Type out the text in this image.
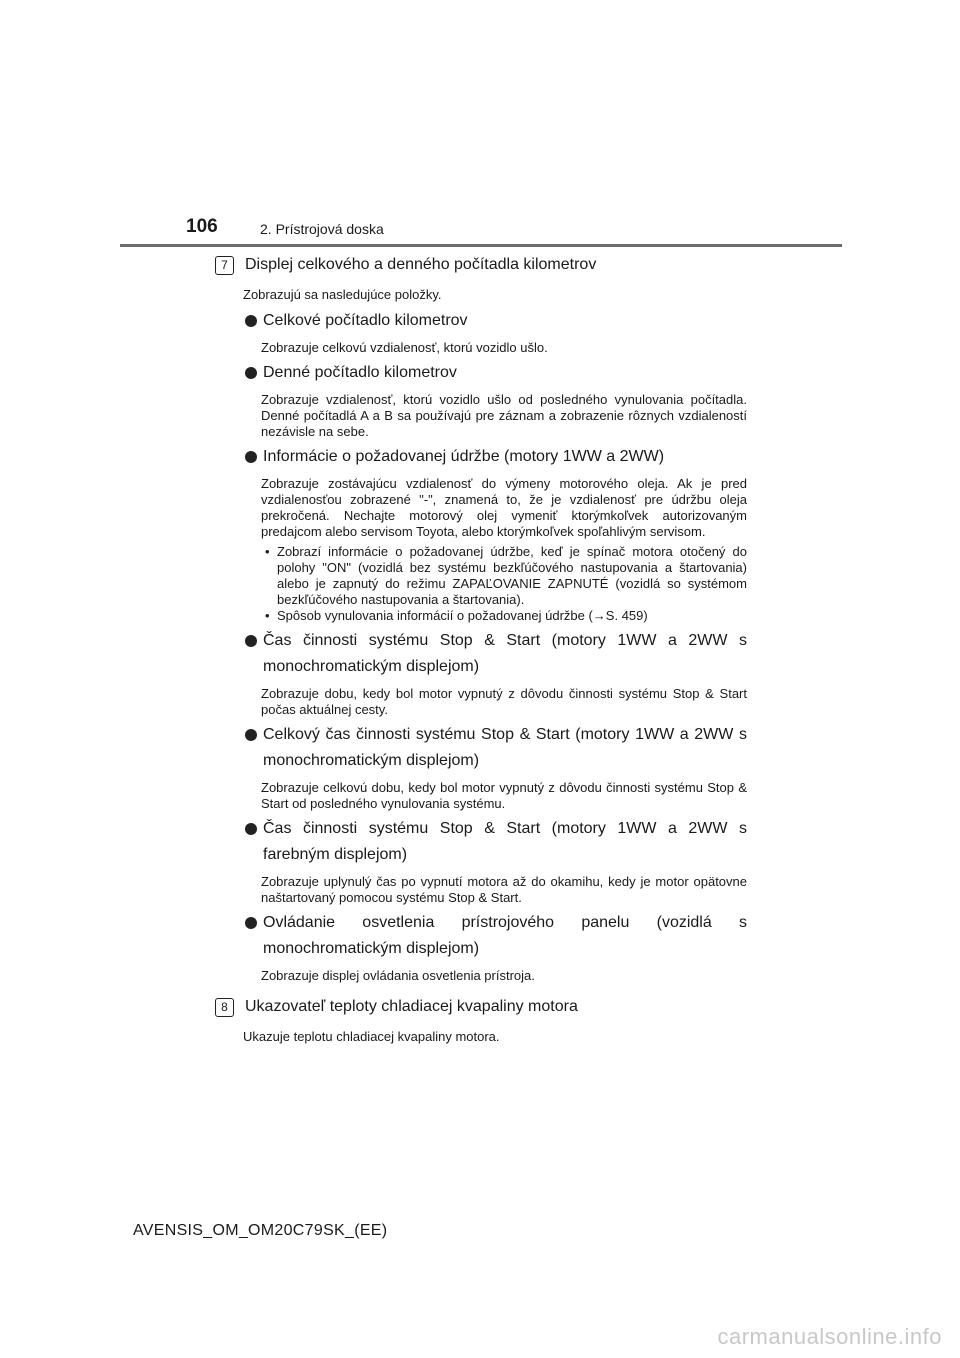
106	2. Prístrojová doska
7	Displej celkového a denného počítadla kilometrov
Zobrazujú sa nasledujúce položky.
Celkové počítadlo kilometrov
Zobrazuje celkovú vzdialenosť, ktorú vozidlo ušlo.
Denné počítadlo kilometrov
Zobrazuje vzdialenosť, ktorú vozidlo ušlo od posledného vynulovania počítadla. Denné počítadlá A a B sa používajú pre záznam a zobrazenie rôznych vzdialeností nezávisle na sebe.
Informácie o požadovanej údržbe (motory 1WW a 2WW)
Zobrazuje zostávajúcu vzdialenosť do výmeny motorového oleja. Ak je pred vzdialenosťou zobrazené "-", znamená to, že je vzdialenosť pre údržbu oleja prekročená. Nechajte motorový olej vymeniť ktorýmkoľvek autorizovaným predajcom alebo servisom Toyota, alebo ktorýmkoľvek spoľahlivým servisom.
• Zobrazí informácie o požadovanej údržbe, keď je spínač motora otočený do polohy "ON" (vozidlá bez systému bezkľúčového nastupovania a štartovania) alebo je zapnutý do režimu ZAPAĽOVANIE ZAPNUTÉ (vozidlá so systémom bezkľúčového nastupovania a štartovania).
• Spôsob vynulovania informácií o požadovanej údržbe (→S. 459)
Čas činnosti systému Stop & Start (motory 1WW a 2WW s monochromatickým displejom)
Zobrazuje dobu, kedy bol motor vypnutý z dôvodu činnosti systému Stop & Start počas aktuálnej cesty.
Celkový čas činnosti systému Stop & Start (motory 1WW a 2WW s monochromatickým displejom)
Zobrazuje celkovú dobu, kedy bol motor vypnutý z dôvodu činnosti systému Stop & Start od posledného vynulovania systému.
Čas činnosti systému Stop & Start (motory 1WW a 2WW s farebným displejom)
Zobrazuje uplynulý čas po vypnutí motora až do okamihu, kedy je motor opätovne naštartovaný pomocou systému Stop & Start.
Ovládanie osvetlenia prístrojového panelu (vozidlá s monochromatickým displejom)
Zobrazuje displej ovládania osvetlenia prístroja.
8	Ukazovateľ teploty chladiacej kvapaliny motora
Ukazuje teplotu chladiacej kvapaliny motora.
AVENSIS_OM_OM20C79SK_(EE)
carmanualsonline.info
